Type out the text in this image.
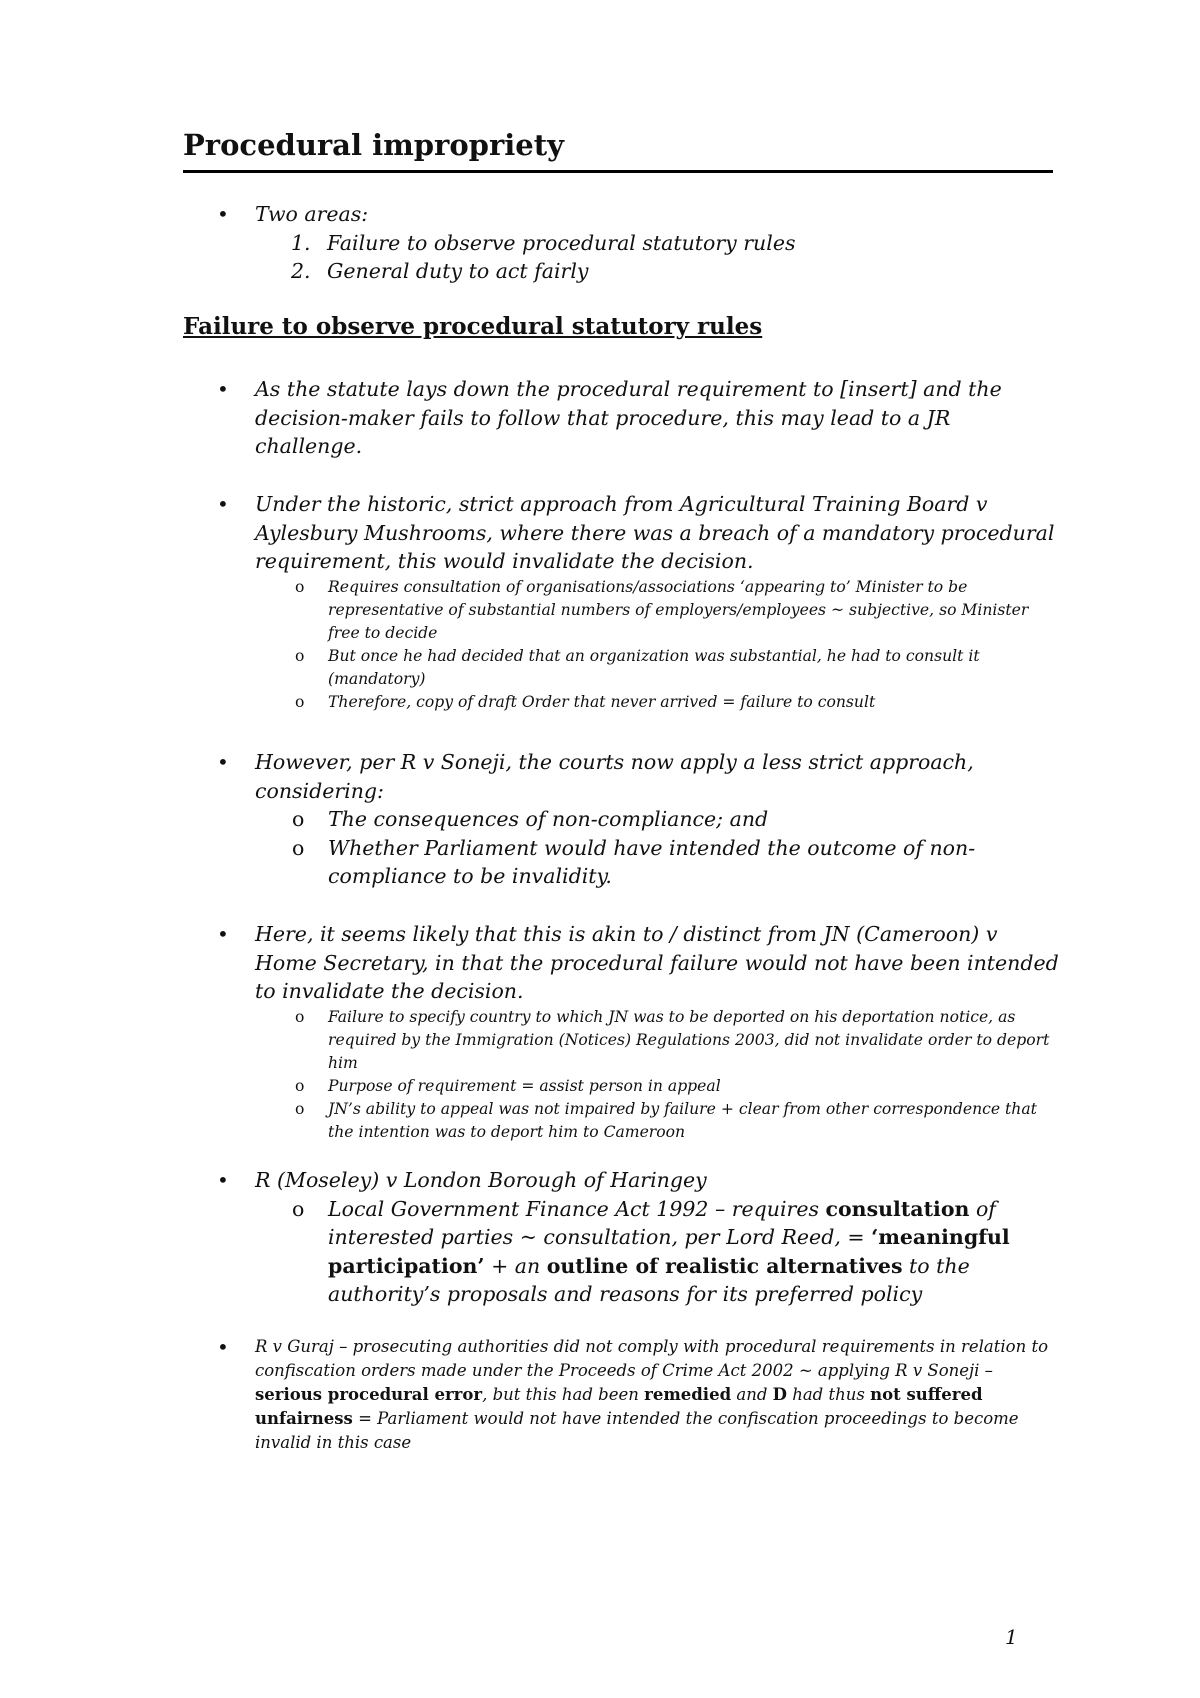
Procedural impropriety
• Two areas:
1. Failure to observe procedural statutory rules
2. General duty to act fairly
Failure to observe procedural statutory rules
• As the statute lays down the procedural requirement to [insert] and the decision-maker fails to follow that procedure, this may lead to a JR challenge.
• Under the historic, strict approach from Agricultural Training Board v Aylesbury Mushrooms, where there was a breach of a mandatory procedural requirement, this would invalidate the decision.
o Requires consultation of organisations/associations ‘appearing to’ Minister to be representative of substantial numbers of employers/employees ~ subjective, so Minister free to decide
o But once he had decided that an organization was substantial, he had to consult it (mandatory)
o Therefore, copy of draft Order that never arrived = failure to consult
• However, per R v Soneji, the courts now apply a less strict approach, considering:
o The consequences of non-compliance; and
o Whether Parliament would have intended the outcome of non-compliance to be invalidity.
• Here, it seems likely that this is akin to / distinct from JN (Cameroon) v Home Secretary, in that the procedural failure would not have been intended to invalidate the decision.
o Failure to specify country to which JN was to be deported on his deportation notice, as required by the Immigration (Notices) Regulations 2003, did not invalidate order to deport him
o Purpose of requirement = assist person in appeal
o JN’s ability to appeal was not impaired by failure + clear from other correspondence that the intention was to deport him to Cameroon
• R (Moseley) v London Borough of Haringey
o Local Government Finance Act 1992 – requires consultation of interested parties ~ consultation, per Lord Reed, = ‘meaningful participation’ + an outline of realistic alternatives to the authority’s proposals and reasons for its preferred policy
• R v Guraj – prosecuting authorities did not comply with procedural requirements in relation to confiscation orders made under the Proceeds of Crime Act 2002 ~ applying R v Soneji – serious procedural error, but this had been remedied and D had thus not suffered unfairness = Parliament would not have intended the confiscation proceedings to become invalid in this case
1
